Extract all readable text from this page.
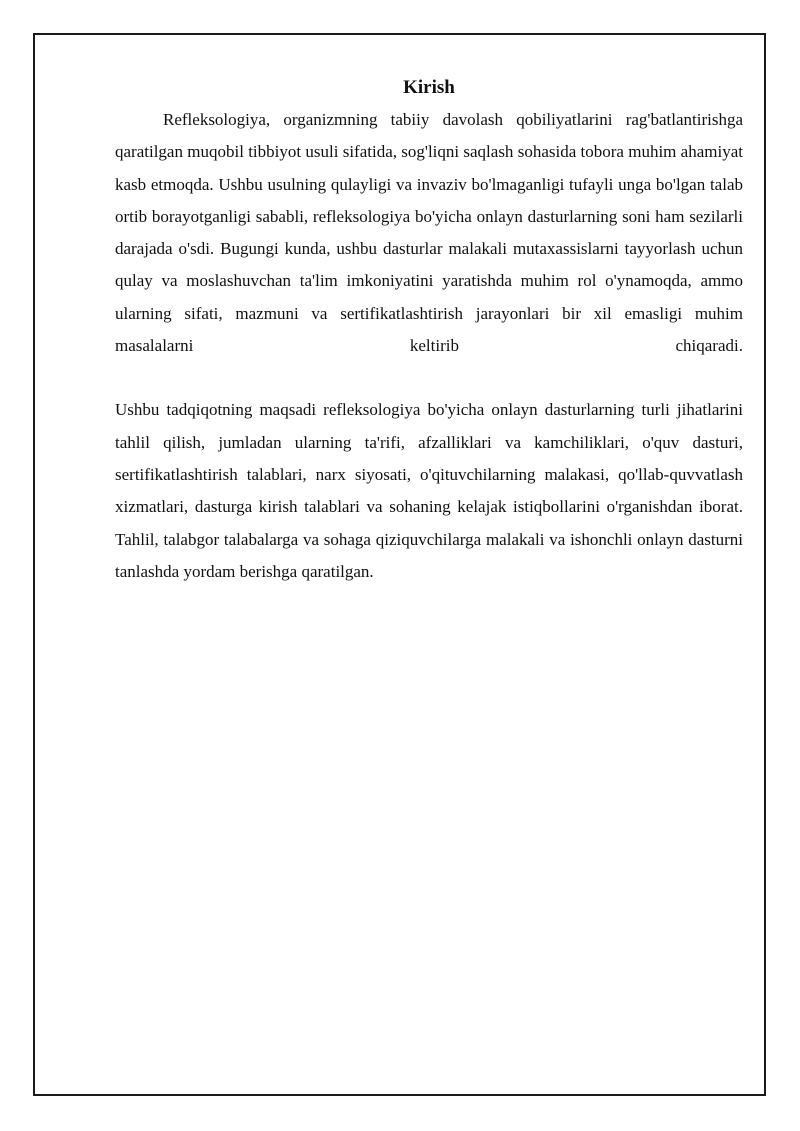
Kirish

Refleksologiya, organizmning tabiiy davolash qobiliyatlarini rag'batlantirishga qaratilgan muqobil tibbiyot usuli sifatida, sog'liqni saqlash sohasida tobora muhim ahamiyat kasb etmoqda. Ushbu usulning qulayligi va invaziv bo'lmaganligi tufayli unga bo'lgan talab ortib borayotganligi sababli, refleksologiya bo'yicha onlayn dasturlarning soni ham sezilarli darajada o'sdi. Bugungi kunda, ushbu dasturlar malakali mutaxassislarni tayyorlash uchun qulay va moslashuvchan ta'lim imkoniyatini yaratishda muhim rol o'ynamoqda, ammo ularning sifati, mazmuni va sertifikatlashtirish jarayonlari bir xil emasligi muhim masalalarni keltirib chiqaradi.

Ushbu tadqiqotning maqsadi refleksologiya bo'yicha onlayn dasturlarning turli jihatlarini tahlil qilish, jumladan ularning ta'rifi, afzalliklari va kamchiliklari, o'quv dasturi, sertifikatlashtirish talablari, narx siyosati, o'qituvchilarning malakasi, qo'llab-quvvatlash xizmatlari, dasturga kirish talablari va sohaning kelajak istiqbollarini o'rganishdan iborat. Tahlil, talabgor talabalarga va sohaga qiziquvchilarga malakali va ishonchli onlayn dasturni tanlashda yordam berishga qaratilgan.
